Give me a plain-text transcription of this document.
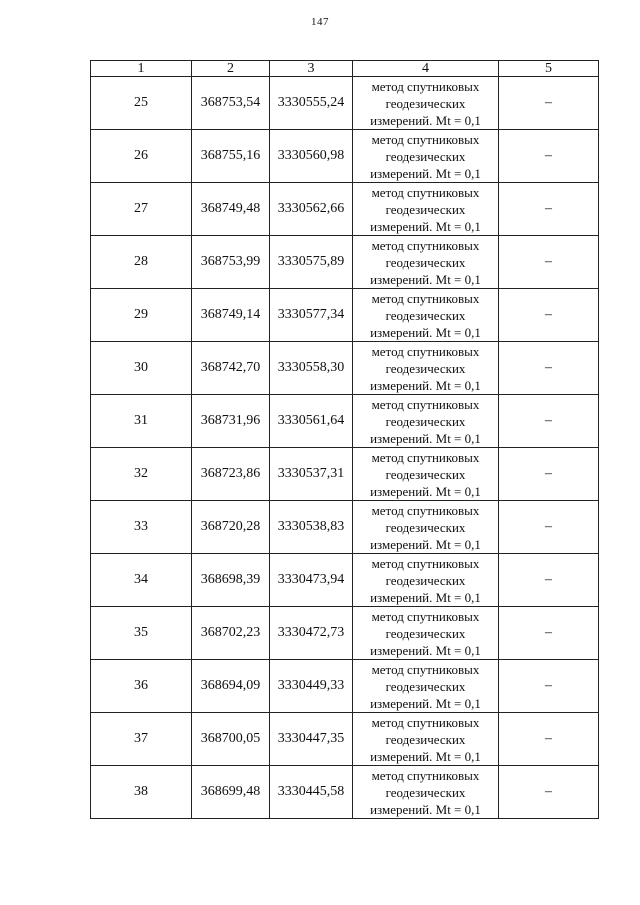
147
1	2	3	4	5
25	368753,54	3330555,24	метод спутниковых
геодезических
измерений. Mt = 0,1	–
26	368755,16	3330560,98	метод спутниковых
геодезических
измерений. Mt = 0,1	–
27	368749,48	3330562,66	метод спутниковых
геодезических
измерений. Mt = 0,1	–
28	368753,99	3330575,89	метод спутниковых
геодезических
измерений. Mt = 0,1	–
29	368749,14	3330577,34	метод спутниковых
геодезических
измерений. Mt = 0,1	–
30	368742,70	3330558,30	метод спутниковых
геодезических
измерений. Mt = 0,1	–
31	368731,96	3330561,64	метод спутниковых
геодезических
измерений. Mt = 0,1	–
32	368723,86	3330537,31	метод спутниковых
геодезических
измерений. Mt = 0,1	–
33	368720,28	3330538,83	метод спутниковых
геодезических
измерений. Mt = 0,1	–
34	368698,39	3330473,94	метод спутниковых
геодезических
измерений. Mt = 0,1	–
35	368702,23	3330472,73	метод спутниковых
геодезических
измерений. Mt = 0,1	–
36	368694,09	3330449,33	метод спутниковых
геодезических
измерений. Mt = 0,1	–
37	368700,05	3330447,35	метод спутниковых
геодезических
измерений. Mt = 0,1	–
38	368699,48	3330445,58	метод спутниковых
геодезических
измерений. Mt = 0,1	–
